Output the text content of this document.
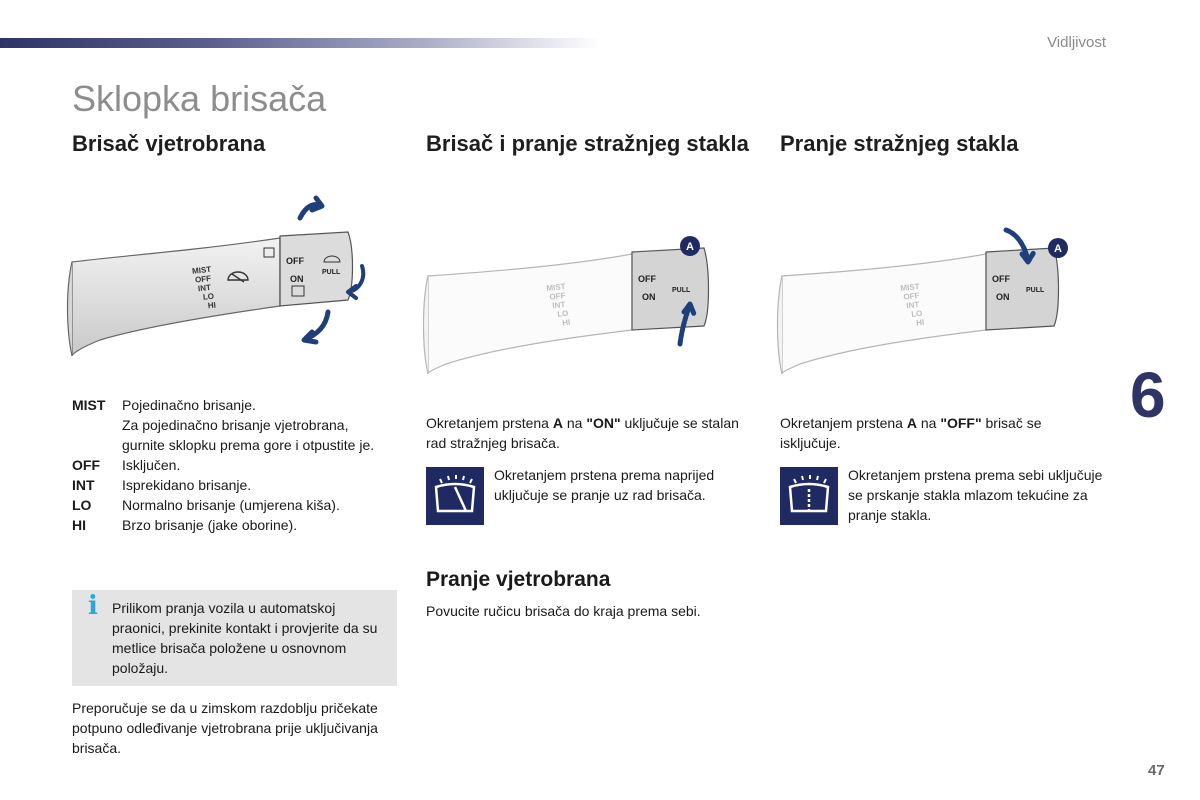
Vidljivost
Sklopka brisača
Brisač vjetrobrana	Brisač i pranje stražnjeg stakla	Pranje stražnjeg stakla
MIST
OFF
INT
LO
HI
OFF
ON
PULL
MIST
OFF
INT
LO
HI
OFF
ON
PULL
A
MIST
OFF
INT
LO
HI
OFF
ON
PULL
A
MIST	Pojedinačno brisanje.
Za pojedinačno brisanje vjetrobrana, gurnite sklopku prema gore i otpustite je.
OFF	Isključen.
INT	Isprekidano brisanje.
LO	Normalno brisanje (umjerena kiša).
HI	Brzo brisanje (jake oborine).
i Prilikom pranja vozila u automatskoj praonici, prekinite kontakt i provjerite da su metlice brisača položene u osnovnom položaju.

Preporučuje se da u zimskom razdoblju pričekate potpuno odleđivanje vjetrobrana prije uključivanja brisača.

Okretanjem prstena A na "ON" uključuje se stalan rad stražnjeg brisača.

Okretanjem prstena prema naprijed uključuje se pranje uz rad brisača.

Pranje vjetrobrana

Povucite ručicu brisača do kraja prema sebi.

Okretanjem prstena A na "OFF" brisač se isključuje.

Okretanjem prstena prema sebi uključuje se prskanje stakla mlazom tekućine za pranje stakla.

6
47
